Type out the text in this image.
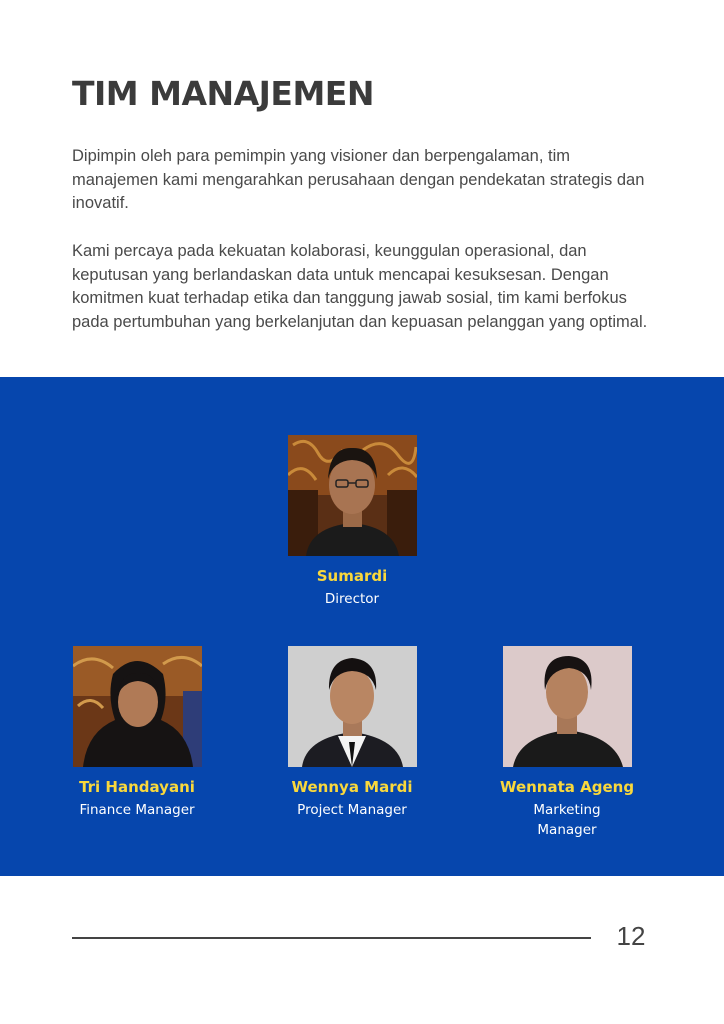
TIM MANAJEMEN

Dipimpin oleh para pemimpin yang visioner dan berpengalaman, tim manajemen kami mengarahkan perusahaan dengan pendekatan strategis dan inovatif.

Kami percaya pada kekuatan kolaborasi, keunggulan operasional, dan keputusan yang berlandaskan data untuk mencapai kesuksesan. Dengan komitmen kuat terhadap etika dan tanggung jawab sosial, tim kami berfokus pada pertumbuhan yang berkelanjutan dan kepuasan pelanggan yang optimal.

Sumardi
Director
Tri Handayani
Finance Manager
Wennya Mardi
Project Manager
Wennata Ageng
Marketing Manager
12
